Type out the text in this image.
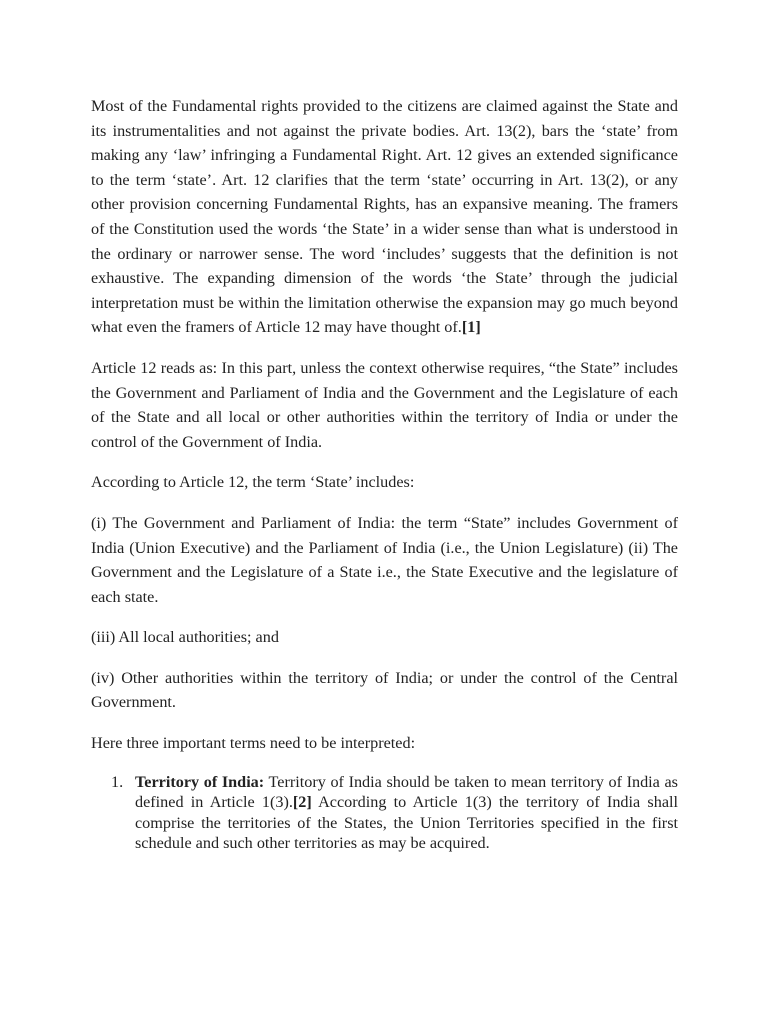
Most of the Fundamental rights provided to the citizens are claimed against the State and its instrumentalities and not against the private bodies. Art. 13(2), bars the ‘state’ from making any ‘law’ infringing a Fundamental Right. Art. 12 gives an extended significance to the term ‘state’. Art. 12 clarifies that the term ‘state’ occurring in Art. 13(2), or any other provision concerning Fundamental Rights, has an expansive meaning. The framers of the Constitution used the words ‘the State’ in a wider sense than what is understood in the ordinary or narrower sense. The word ‘includes’ suggests that the definition is not exhaustive. The expanding dimension of the words ‘the State’ through the judicial interpretation must be within the limitation otherwise the expansion may go much beyond what even the framers of Article 12 may have thought of.[1]

Article 12 reads as: In this part, unless the context otherwise requires, “the State” includes the Government and Parliament of India and the Government and the Legislature of each of the State and all local or other authorities within the territory of India or under the control of the Government of India.

According to Article 12, the term ‘State’ includes:

(i) The Government and Parliament of India: the term “State” includes Government of India (Union Executive) and the Parliament of India (i.e., the Union Legislature) (ii) The Government and the Legislature of a State i.e., the State Executive and the legislature of each state.

(iii) All local authorities; and

(iv) Other authorities within the territory of India; or under the control of the Central Government.

Here three important terms need to be interpreted:

1. Territory of India: Territory of India should be taken to mean territory of India as defined in Article 1(3).[2] According to Article 1(3) the territory of India shall comprise the territories of the States, the Union Territories specified in the first schedule and such other territories as may be acquired.
